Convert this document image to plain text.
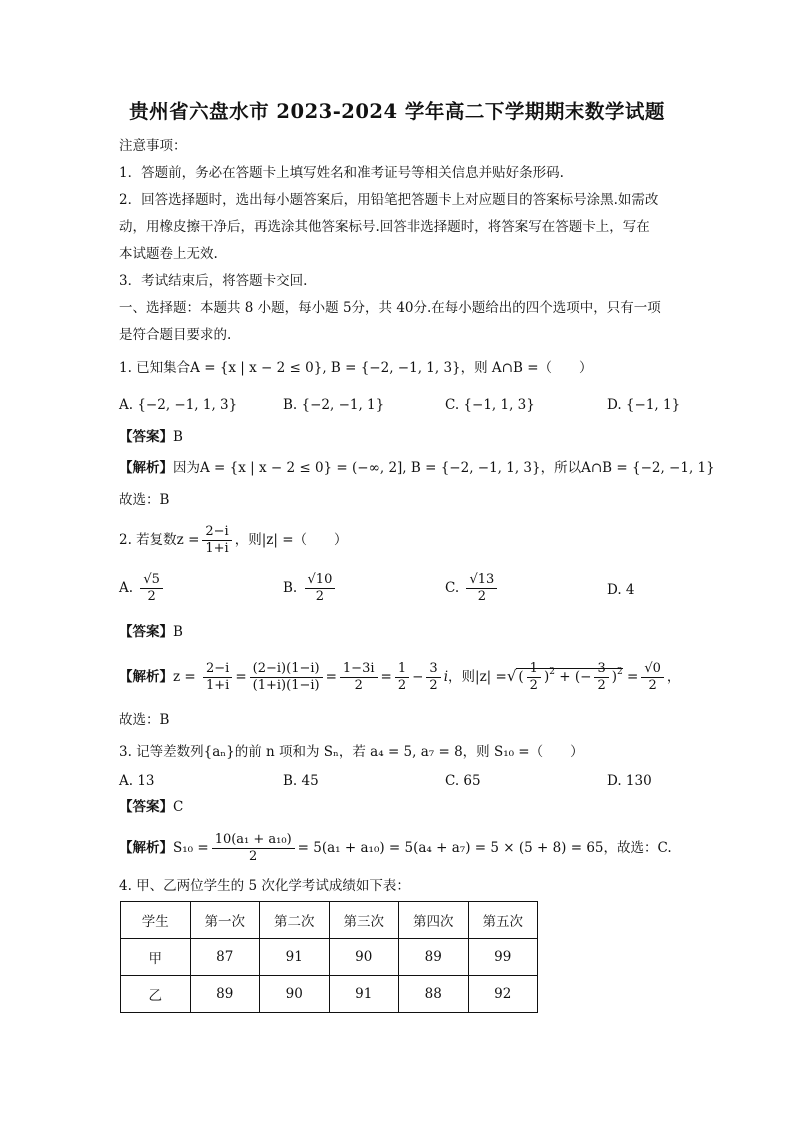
贵州省六盘水市 2023-2024 学年高二下学期期末数学试题
注意事项：
1．答题前，务必在答题卡上填写姓名和准考证号等相关信息并贴好条形码.
2．回答选择题时，选出每小题答案后，用铅笔把答题卡上对应题目的答案标号涂黑.如需改
动，用橡皮擦干净后，再选涂其他答案标号.回答非选择题时，将答案写在答题卡上，写在
本试题卷上无效.
3．考试结束后，将答题卡交回.
一、选择题：本题共 8 小题，每小题 5分，共 40分.在每小题给出的四个选项中，只有一项
是符合题目要求的.
1. 已知集合A = {x | x − 2 ≤ 0}, B = {−2, −1, 1, 3}，则 A∩B =（　　）
A. {−2, −1, 1, 3}	B. {−2, −1, 1}	C. {−1, 1, 3}	D. {−1, 1}
【答案】B
【解析】因为A = {x | x − 2 ≤ 0} = (−∞, 2], B = {−2, −1, 1, 3}，所以A∩B = {−2, −1, 1}
故选：B
2. 若复数$z = \frac{2-i}{1+i}$ ，则|z| =（　　）
A. $\frac{√5}{2}$	B. $\frac{√10}{2}$	C. $\frac{√13}{2}$	D. 4
【答案】B
【解析】$z = \frac{2-i}{1+i} = \frac{(2-i)(1-i)}{(1+i)(1-i)} = \frac{1-3i}{2} = \frac{1}{2} - \frac{3}{2}$ i，则|z| =√ ( $\frac{1}{2} )^2$ + (− $\frac{3}{2} )^2 = \frac{√0}{2}$ ，
故选：B
3. 记等差数列{aₙ}的前 n 项和为 Sₙ，若 a₄ = 5, a₇ = 8，则 S₁₀ =（　　）
A. 13	B. 45	C. 65	D. 130
【答案】C
【解析】$S_{10} = \frac{\text{10(a₁ + a₁₀)}}{2} = 5(a_1 + a_{10}) = 5(a_4 + a_7) = 5 \times (5 + 8) = 65$，故选：C.
4. 甲、乙两位学生的 5 次化学考试成绩如下表：
学生	第一次	第二次	第三次	第四次	第五次
甲	87	91	90	89	99
乙	89	90	91	88	92
